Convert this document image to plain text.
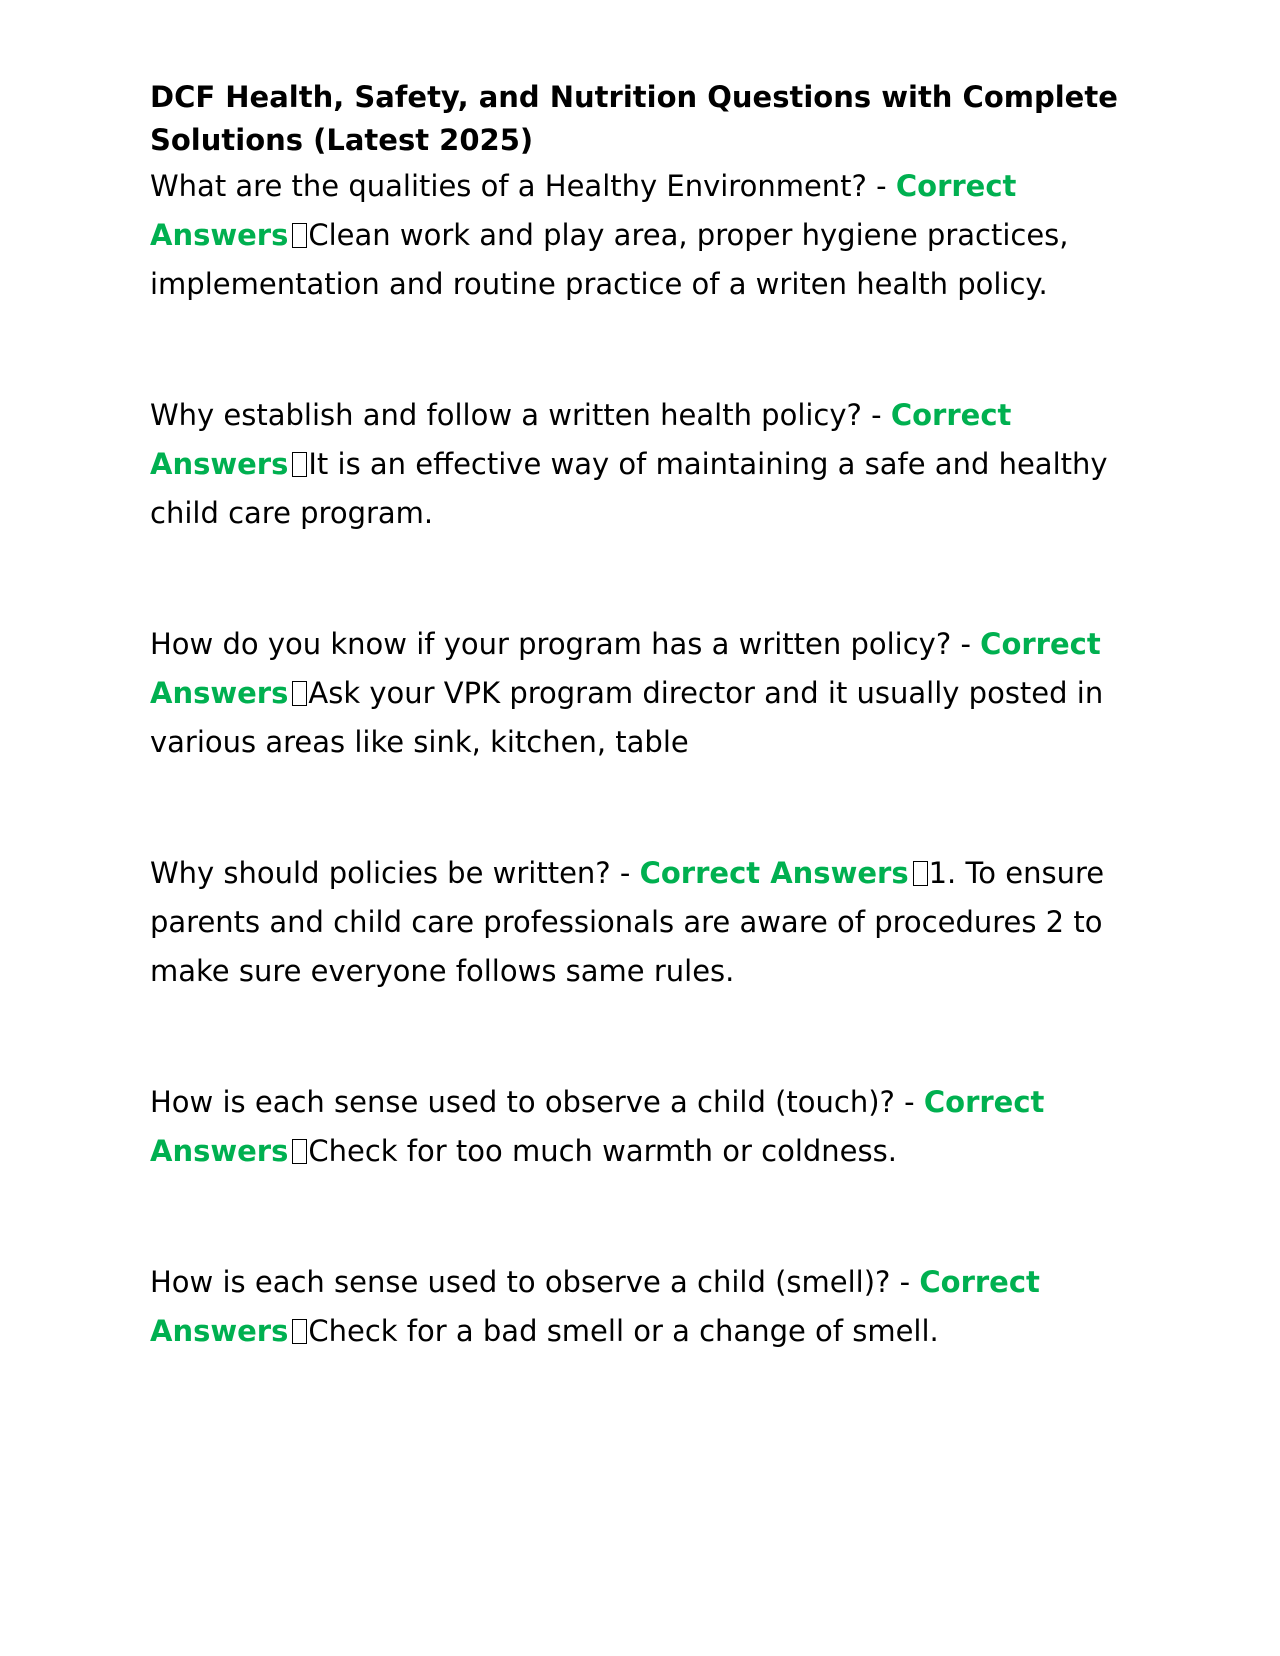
DCF Health, Safety, and Nutrition Questions with Complete Solutions (Latest 2025)

What are the qualities of a Healthy Environment? - Correct Answers Clean work and play area, proper hygiene practices, implementation and routine practice of a writen health policy.

Why establish and follow a written health policy? - Correct Answers It is an effective way of maintaining a safe and healthy child care program.

How do you know if your program has a written policy? - Correct Answers Ask your VPK program director and it usually posted in various areas like sink, kitchen, table

Why should policies be written? - Correct Answers 1. To ensure parents and child care professionals are aware of procedures 2 to make sure everyone follows same rules.

How is each sense used to observe a child (touch)? - Correct Answers Check for too much warmth or coldness.

How is each sense used to observe a child (smell)? - Correct Answers Check for a bad smell or a change of smell.
